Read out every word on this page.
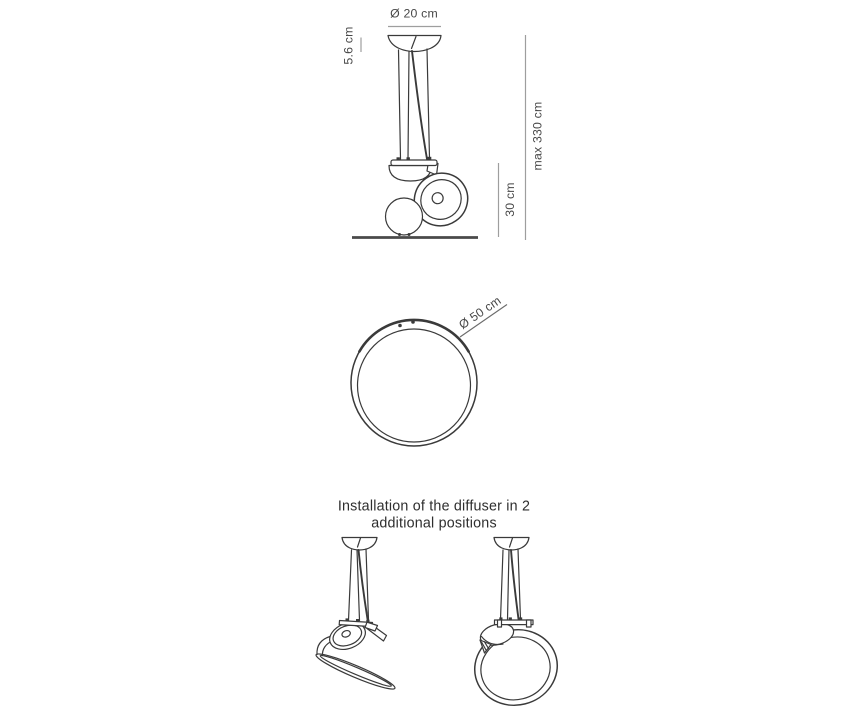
Ø 20 cm
5.6 cm
30 cm
max 330 cm
Ø 50 cm
Installation of the diffuser in 2
additional positions
